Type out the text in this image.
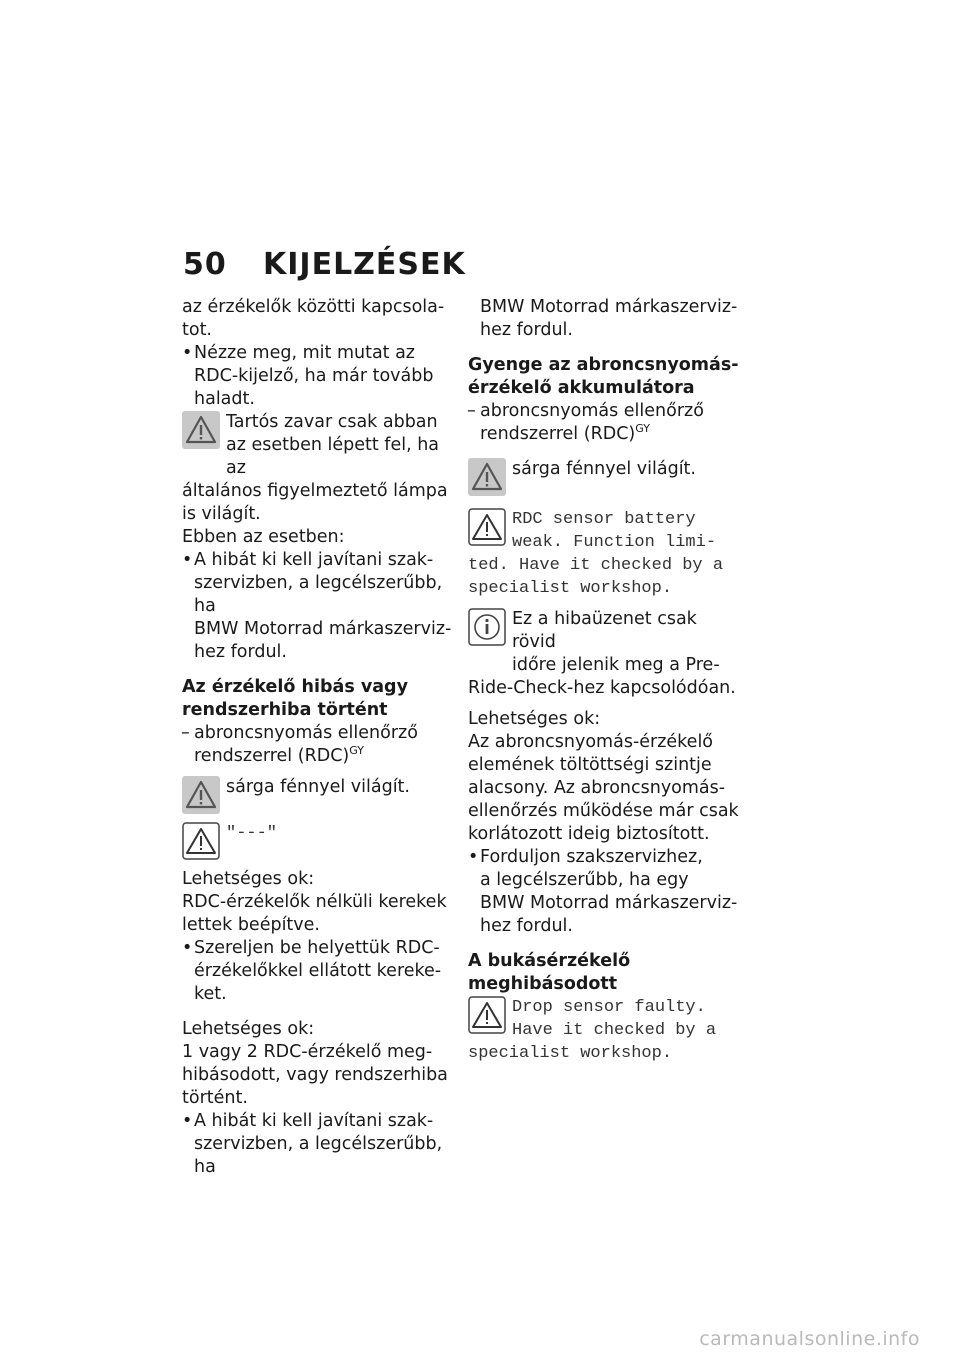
50	KIJELZÉSEK

az érzékelők közötti kapcsola-

tot.

• Nézze meg, mit mutat az

RDC-kijelző, ha már tovább

haladt.

Tartós zavar csak abban

az esetben lépett fel, ha az

általános figyelmeztető lámpa

is világít.

Ebben az esetben:

• A hibát ki kell javítani szak-

szervizben, a legcélszerűbb, ha

BMW Motorrad márkaszerviz-

hez fordul.

Az érzékelő hibás vagy

rendszerhiba történt

– abroncsnyomás ellenőrző

rendszerrel (RDC)$^{GY}$

sárga fénnyel világít.

"---"

Lehetséges ok:

RDC-érzékelők nélküli kerekek

lettek beépítve.

• Szereljen be helyettük RDC-

érzékelőkkel ellátott kereke-

ket.

Lehetséges ok:

1 vagy 2 RDC-érzékelő meg-

hibásodott, vagy rendszerhiba

történt.

• A hibát ki kell javítani szak-

szervizben, a legcélszerűbb, ha

BMW Motorrad márkaszerviz-

hez fordul.

Gyenge az abroncsnyomás-

érzékelő akkumulátora

– abroncsnyomás ellenőrző

rendszerrel (RDC)$^{GY}$

sárga fénnyel világít.

RDC sensor battery

weak. Function limi-

ted. Have it checked by a

specialist workshop.

Ez a hibaüzenet csak rövid

időre jelenik meg a Pre-

Ride-Check-hez kapcsolódóan.

Lehetséges ok:

Az abroncsnyomás-érzékelő

elemének töltöttségi szintje

alacsony. Az abroncsnyomás-

ellenőrzés működése már csak

korlátozott ideig biztosított.

• Forduljon szakszervizhez,

a legcélszerűbb, ha egy

BMW Motorrad márkaszerviz-

hez fordul.

A bukásérzékelő

meghibásodott

Drop sensor faulty.

Have it checked by a

specialist workshop.

carmanualsonline.info
